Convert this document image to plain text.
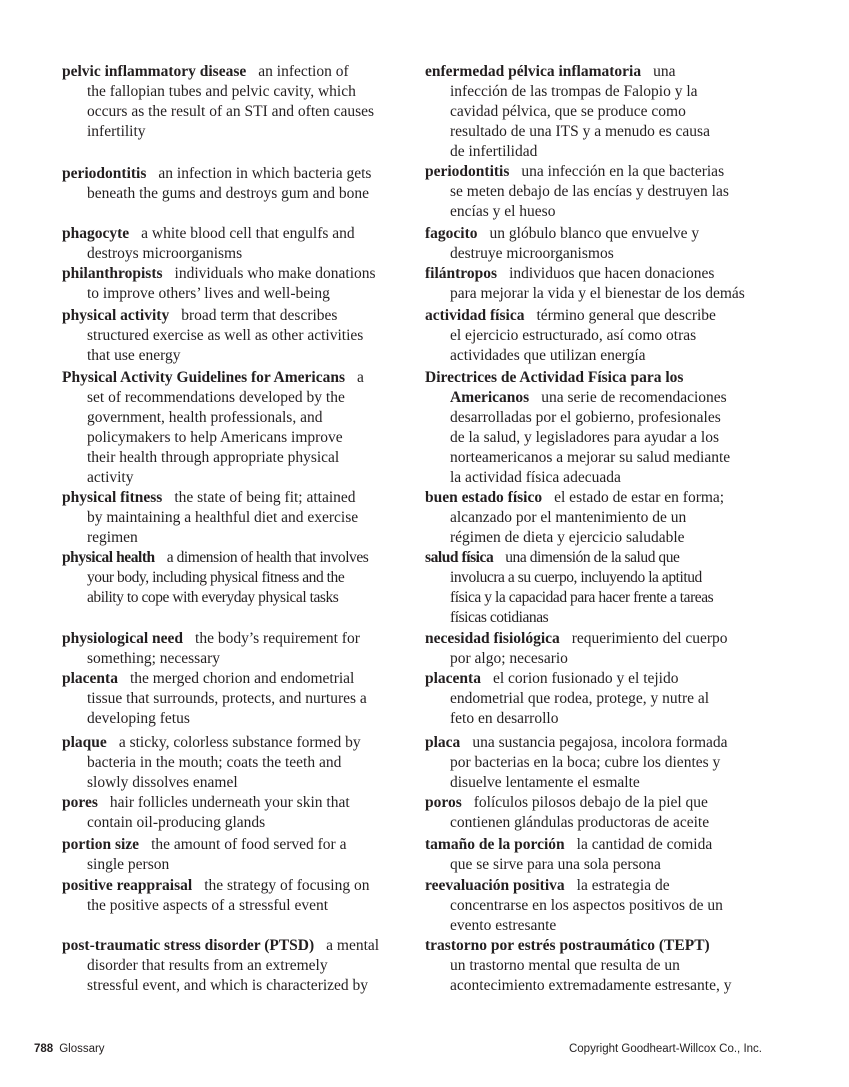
pelvic inflammatory disease an infection of
the fallopian tubes and pelvic cavity, which
occurs as the result of an STI and often causes
infertility
periodontitis an infection in which bacteria gets
beneath the gums and destroys gum and bone
phagocyte a white blood cell that engulfs and
destroys microorganisms
philanthropists individuals who make donations
to improve others’ lives and well-being
physical activity broad term that describes
structured exercise as well as other activities
that use energy
Physical Activity Guidelines for Americans a
set of recommendations developed by the
government, health professionals, and
policymakers to help Americans improve
their health through appropriate physical
activity
physical fitness the state of being fit; attained
by maintaining a healthful diet and exercise
regimen
physical health a dimension of health that involves
your body, including physical fitness and the
ability to cope with everyday physical tasks
physiological need the body’s requirement for
something; necessary
placenta the merged chorion and endometrial
tissue that surrounds, protects, and nurtures a
developing fetus
plaque a sticky, colorless substance formed by
bacteria in the mouth; coats the teeth and
slowly dissolves enamel
pores hair follicles underneath your skin that
contain oil-producing glands
portion size the amount of food served for a
single person
positive reappraisal the strategy of focusing on
the positive aspects of a stressful event
post-traumatic stress disorder (PTSD) a mental
disorder that results from an extremely
stressful event, and which is characterized by
enfermedad pélvica inflamatoria una
infección de las trompas de Falopio y la
cavidad pélvica, que se produce como
resultado de una ITS y a menudo es causa
de infertilidad
periodontitis una infección en la que bacterias
se meten debajo de las encías y destruyen las
encías y el hueso
fagocito un glóbulo blanco que envuelve y
destruye microorganismos
filántropos individuos que hacen donaciones
para mejorar la vida y el bienestar de los demás
actividad física término general que describe
el ejercicio estructurado, así como otras
actividades que utilizan energía
Directrices de Actividad Física para los
Americanos una serie de recomendaciones
desarrolladas por el gobierno, profesionales
de la salud, y legisladores para ayudar a los
norteamericanos a mejorar su salud mediante
la actividad física adecuada
buen estado físico el estado de estar en forma;
alcanzado por el mantenimiento de un
régimen de dieta y ejercicio saludable
salud física una dimensión de la salud que
involucra a su cuerpo, incluyendo la aptitud
física y la capacidad para hacer frente a tareas
físicas cotidianas
necesidad fisiológica requerimiento del cuerpo
por algo; necesario
placenta el corion fusionado y el tejido
endometrial que rodea, protege, y nutre al
feto en desarrollo
placa una sustancia pegajosa, incolora formada
por bacterias en la boca; cubre los dientes y
disuelve lentamente el esmalte
poros folículos pilosos debajo de la piel que
contienen glándulas productoras de aceite
tamaño de la porción la cantidad de comida
que se sirve para una sola persona
reevaluación positiva la estrategia de
concentrarse en los aspectos positivos de un
evento estresante
trastorno por estrés postraumático (TEPT)
un trastorno mental que resulta de un
acontecimiento extremadamente estresante, y
788 Glossary	Copyright Goodheart-Willcox Co., Inc.
